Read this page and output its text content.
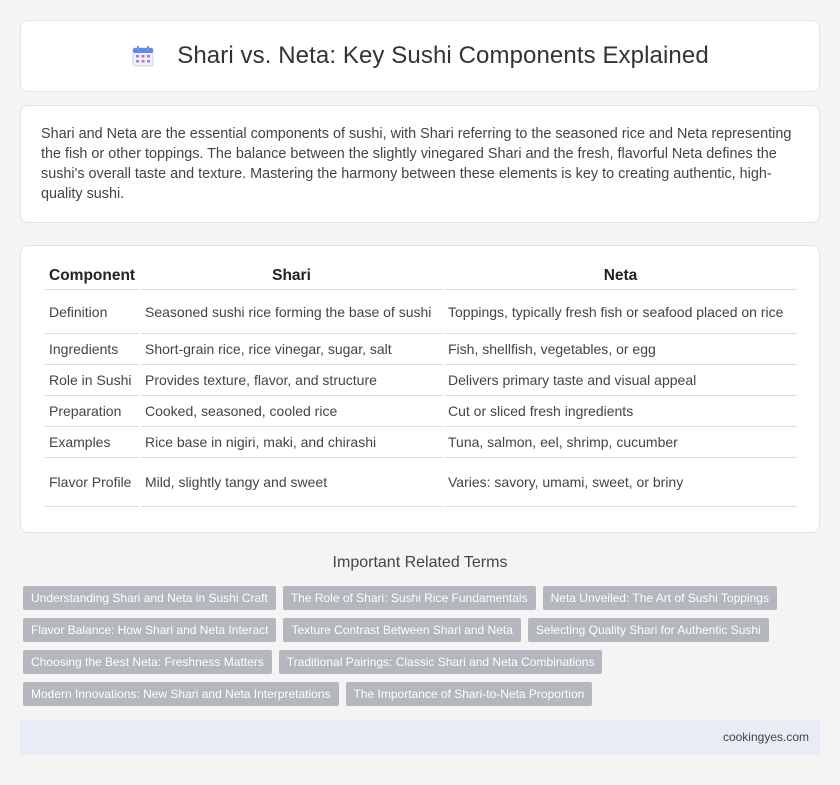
Shari vs. Neta: Key Sushi Components Explained

Shari and Neta are the essential components of sushi, with Shari referring to the seasoned rice and Neta representing the fish or other toppings. The balance between the slightly vinegared Shari and the fresh, flavorful Neta defines the sushi's overall taste and texture. Mastering the harmony between these elements is key to creating authentic, high-quality sushi.

Component	Shari	Neta
Definition	Seasoned sushi rice forming the base of sushi	Toppings, typically fresh fish or seafood placed on rice
Ingredients	Short-grain rice, rice vinegar, sugar, salt	Fish, shellfish, vegetables, or egg
Role in Sushi	Provides texture, flavor, and structure	Delivers primary taste and visual appeal
Preparation	Cooked, seasoned, cooled rice	Cut or sliced fresh ingredients
Examples	Rice base in nigiri, maki, and chirashi	Tuna, salmon, eel, shrimp, cucumber
Flavor Profile	Mild, slightly tangy and sweet	Varies: savory, umami, sweet, or briny
Important Related Terms
Understanding Shari and Neta in Sushi Craft	The Role of Shari: Sushi Rice Fundamentals	Neta Unveiled: The Art of Sushi Toppings
Flavor Balance: How Shari and Neta Interact	Texture Contrast Between Shari and Neta	Selecting Quality Shari for Authentic Sushi
Choosing the Best Neta: Freshness Matters	Traditional Pairings: Classic Shari and Neta Combinations
Modern Innovations: New Shari and Neta Interpretations	The Importance of Shari-to-Neta Proportion
cookingyes.com
